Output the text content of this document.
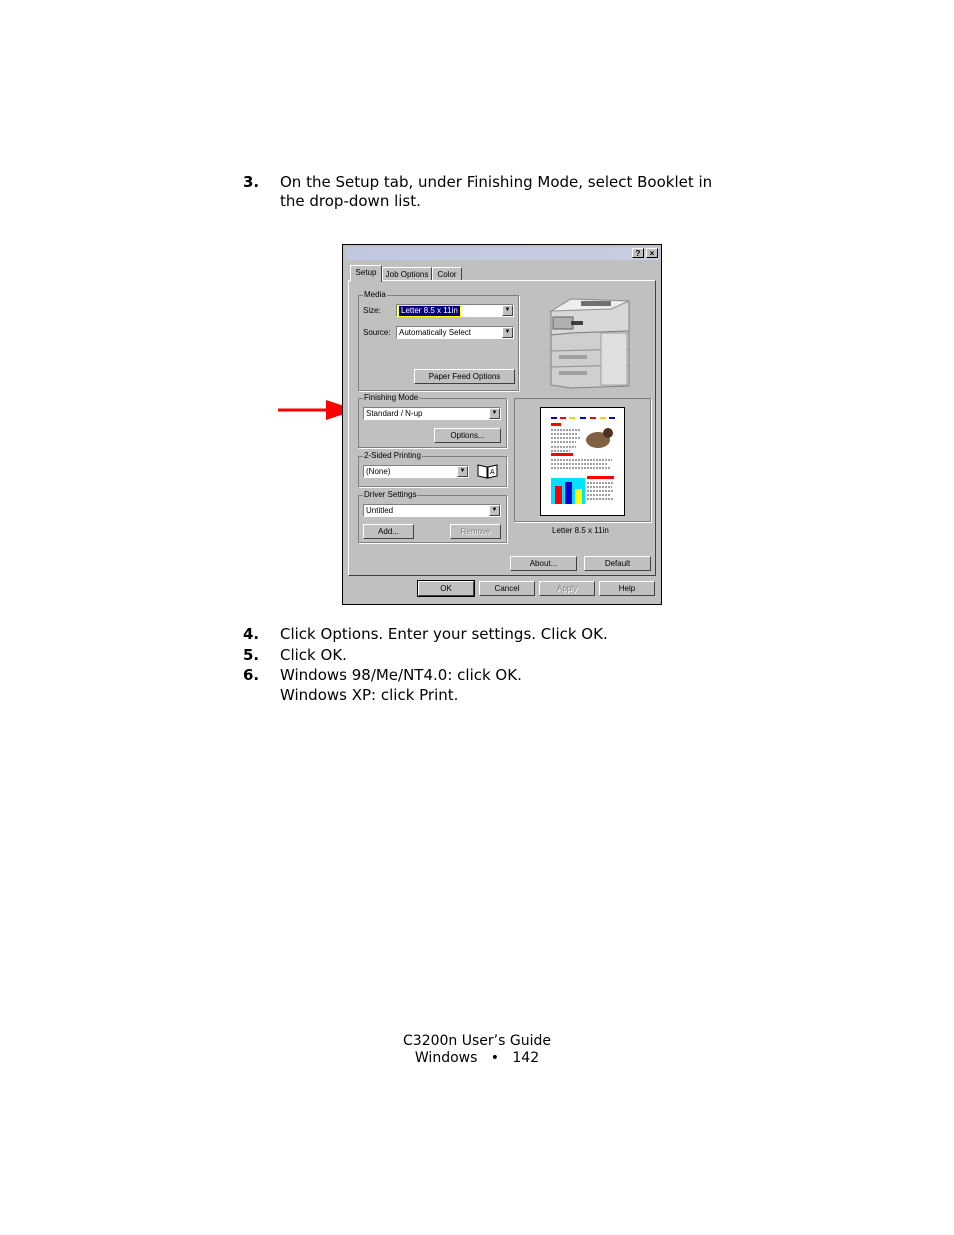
3. On the Setup tab, under Finishing Mode, select Booklet in
the drop-down list.
?	×
Setup	Job Options	Color
Media
Size:	Letter 8.5 x 11in	▼
Source: Automatically Select	▼
Paper Feed Options
Finishing Mode
Standard / N-up	▼
Options...
2-Sided Printing
(None)	▼	A
Driver Settings
Untitled	▼
Add...	Remove	Letter 8.5 x 11in
About...	Default
OK	Cancel	Apply	Help
4. Click Options. Enter your settings. Click OK.
5. Click OK.
6. Windows 98/Me/NT4.0: click OK.
Windows XP: click Print.
C3200n User’s Guide
Windows • 142
